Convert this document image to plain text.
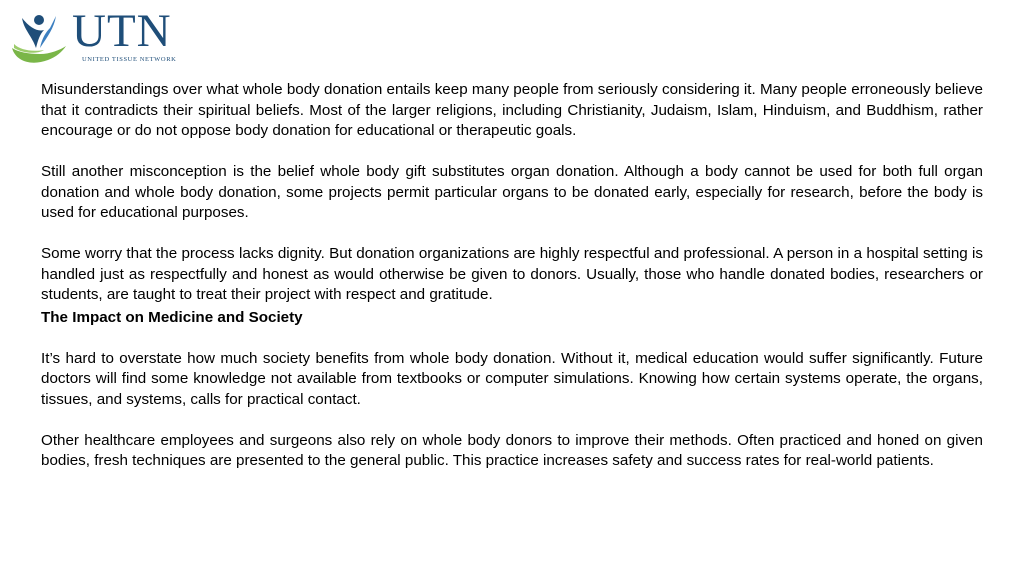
UTN
UNITED TISSUE NETWORK

Misunderstandings over what whole body donation entails keep many people from seriously considering it. Many people erroneously believe that it contradicts their spiritual beliefs. Most of the larger religions, including Christianity, Judaism, Islam, Hinduism, and Buddhism, rather encourage or do not oppose body donation for educational or therapeutic goals.

Still another misconception is the belief whole body gift substitutes organ donation. Although a body cannot be used for both full organ donation and whole body donation, some projects permit particular organs to be donated early, especially for research, before the body is used for educational purposes.

Some worry that the process lacks dignity. But donation organizations are highly respectful and professional. A person in a hospital setting is handled just as respectfully and honest as would otherwise be given to donors. Usually, those who handle donated bodies, researchers or students, are taught to treat their project with respect and gratitude.

The Impact on Medicine and Society

It’s hard to overstate how much society benefits from whole body donation. Without it, medical education would suffer significantly. Future doctors will find some knowledge not available from textbooks or computer simulations. Knowing how certain systems operate, the organs, tissues, and systems, calls for practical contact.

Other healthcare employees and surgeons also rely on whole body donors to improve their methods. Often practiced and honed on given bodies, fresh techniques are presented to the general public. This practice increases safety and success rates for real-world patients.
